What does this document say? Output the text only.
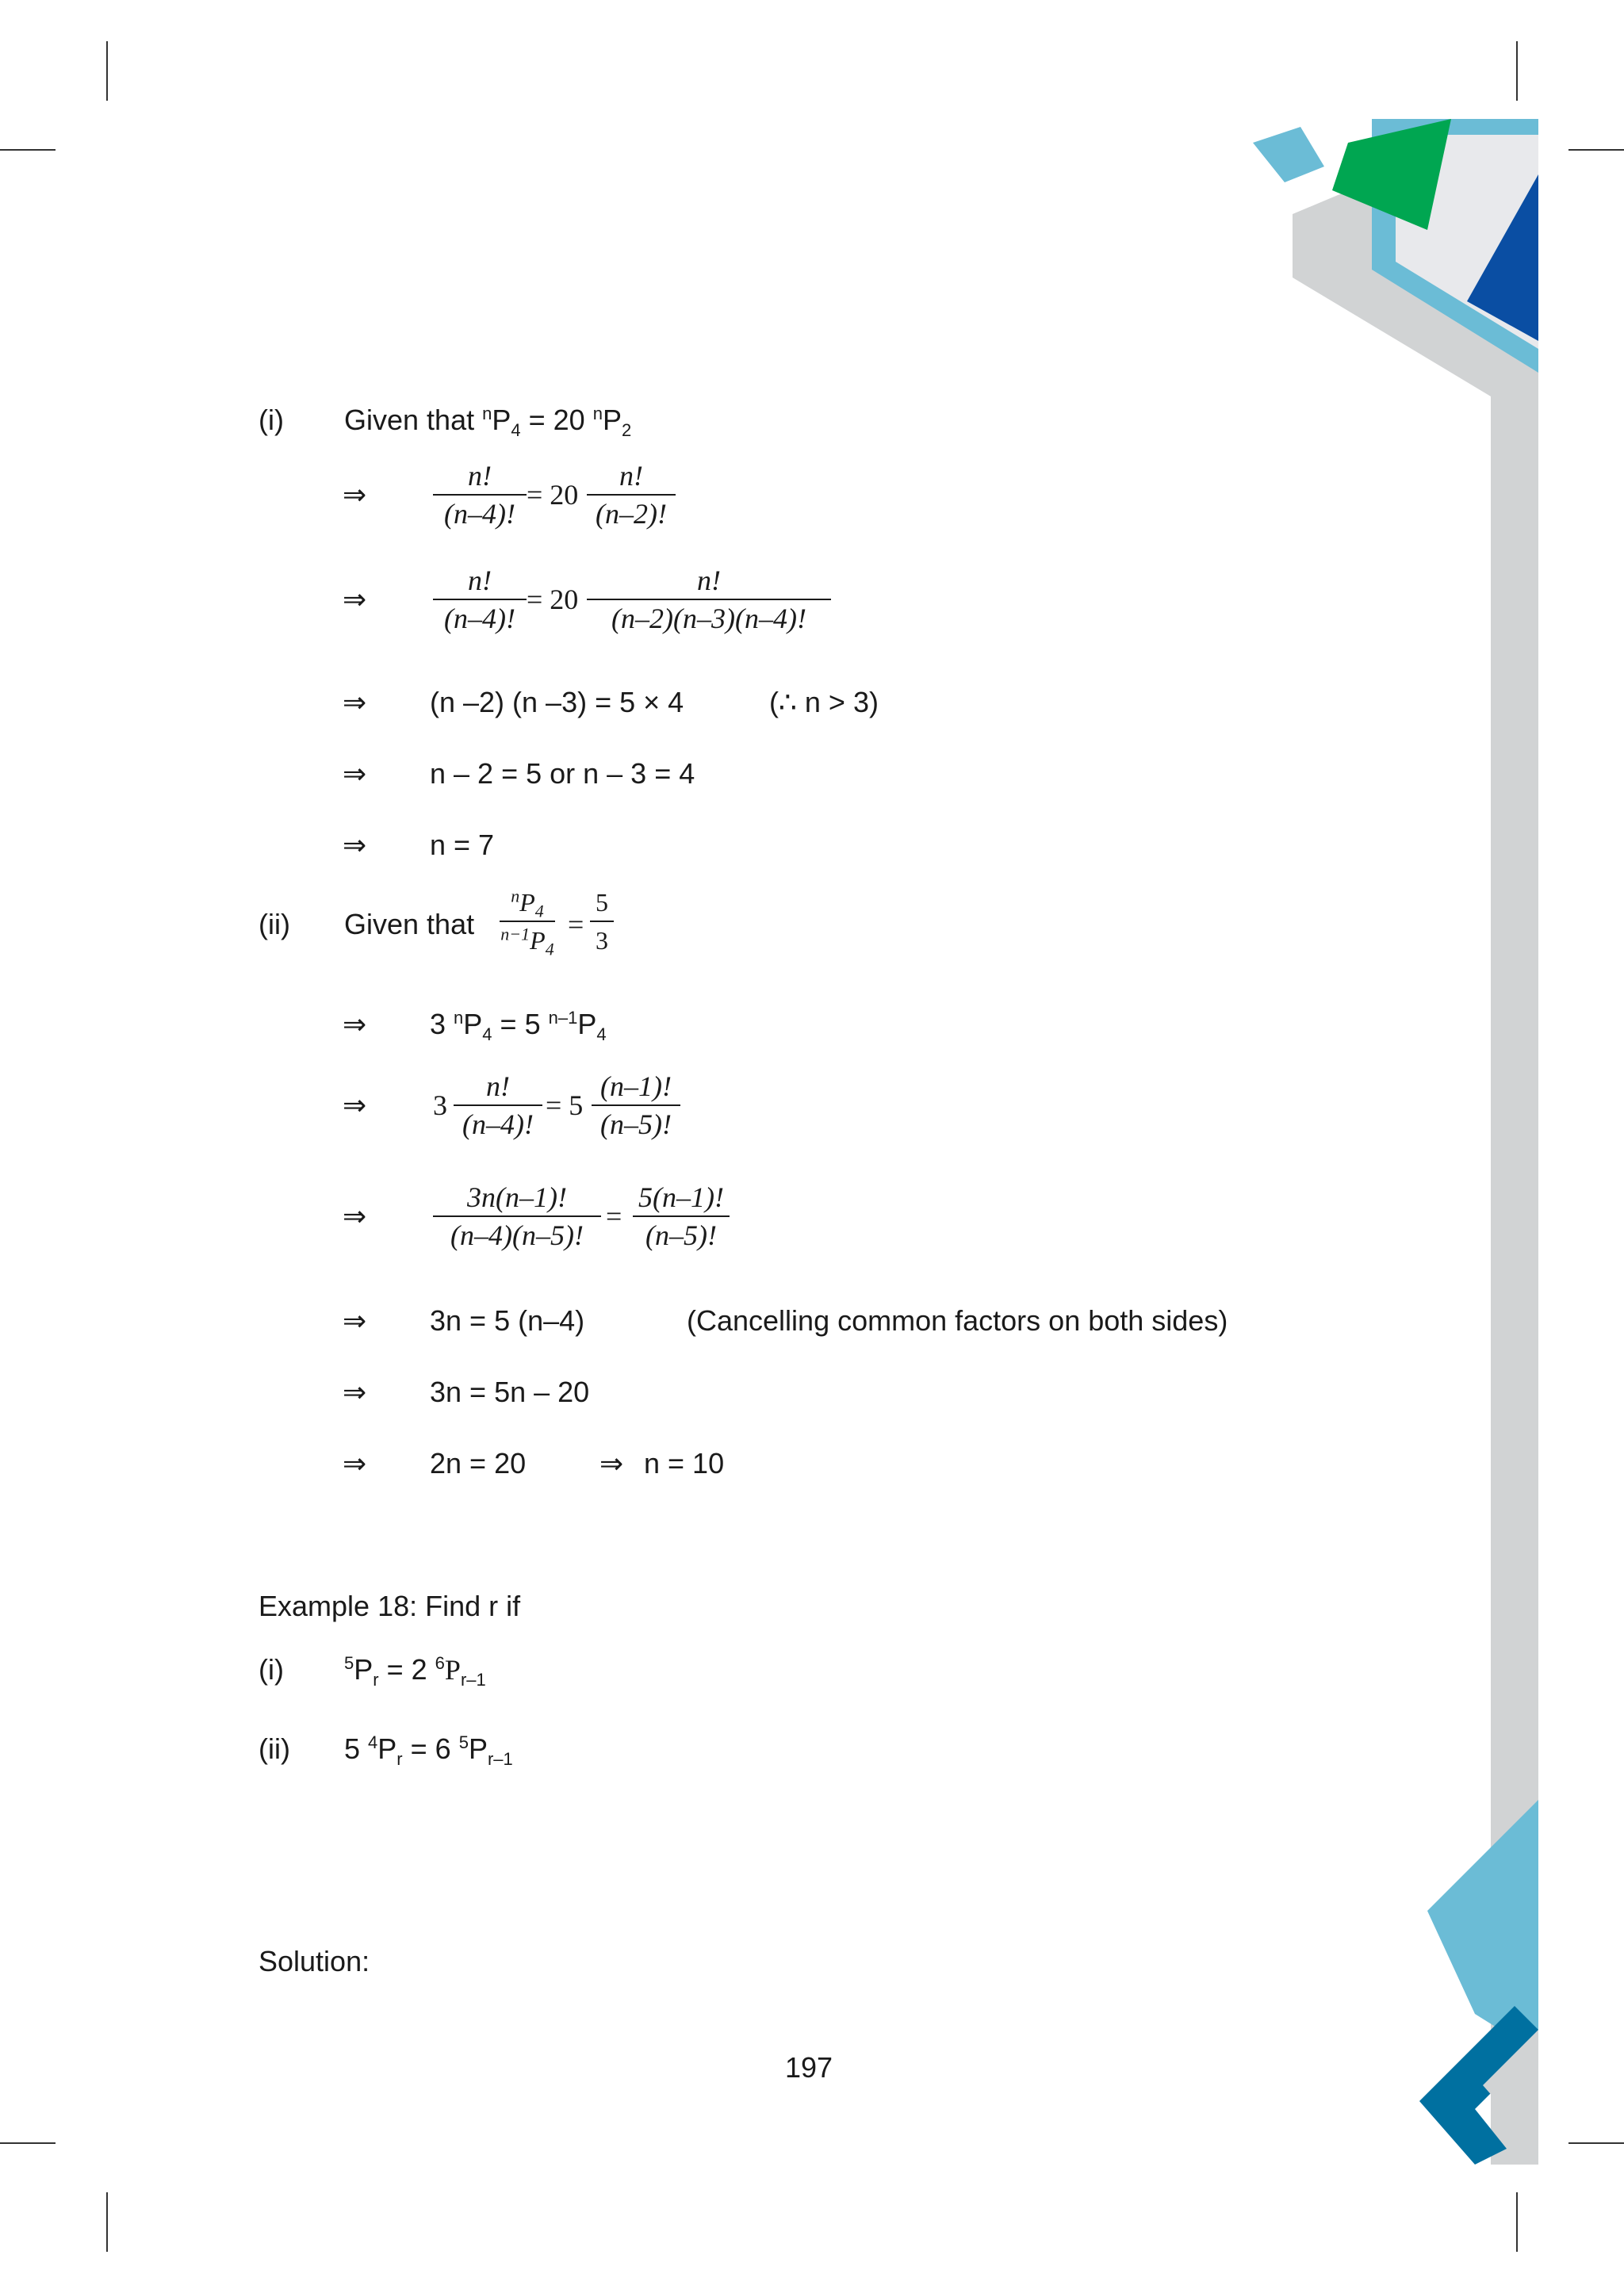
(i) Given that $^nP_4 = 20$ $^nP_2$
⇒
n!
(n–4)!
= 20
n!
(n–2)!
⇒
n!
(n–4)!
= 20
n!
(n–2)(n–3)(n–4)!
⇒ (n –2) (n –3) = 5 × 4	(∴ n > 3)
⇒ n – 2 = 5 or n – 3 = 4
⇒ n = 7
(ii) Given that
$^nP_4$
$^{n-1}P_4$
=
5
3
⇒ 3 $^nP_4 = 5$ $^{n-1}P_4$
⇒ 3
n!
(n–4)!
= 5
(n–1)!
(n–5)!
⇒
3n(n–1)!
(n–4)(n–5)!
=
5(n–1)!
(n–5)!
⇒ 3n = 5 (n–4)	(Cancelling common factors on both sides)
⇒ 3n = 5n – 20
⇒ 2n = 20	⇒ n = 10
Example 18: Find r if
(i)	$^5P_r = 2$ $^6P_{r-1}$
(ii) 5 $^4P_r = 6$ $^5P_{r-1}$
Solution:
197
